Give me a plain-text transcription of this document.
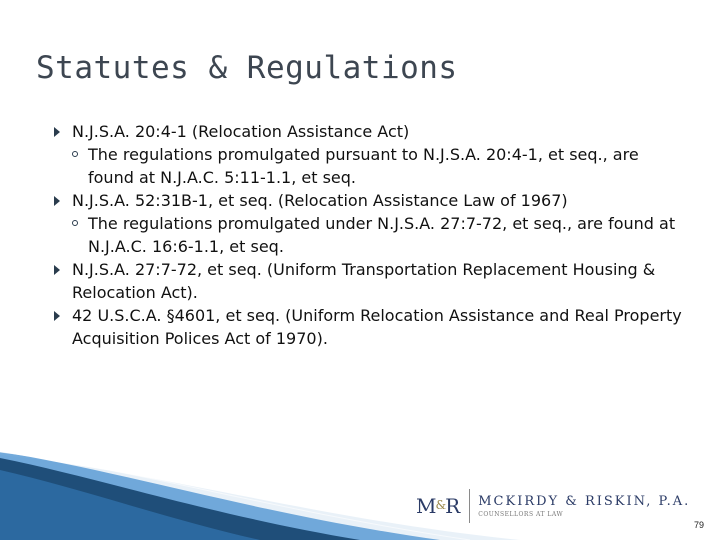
Statutes & Regulations
N.J.S.A. 20:4-1 (Relocation Assistance Act)
The regulations promulgated pursuant to N.J.S.A. 20:4-1, et seq., are found at N.J.A.C. 5:11-1.1, et seq.
N.J.S.A. 52:31B-1, et seq. (Relocation Assistance Law of 1967)
The regulations promulgated under N.J.S.A. 27:7-72, et seq., are found at N.J.A.C. 16:6-1.1, et seq.
N.J.S.A. 27:7-72, et seq. (Uniform Transportation Replacement Housing & Relocation Act).
42 U.S.C.A. §4601, et seq. (Uniform Relocation Assistance and Real Property Acquisition Polices Act of 1970).
M&R MCKIRDY & RISKIN, P.A.
COUNSELLORS AT LAW
79
